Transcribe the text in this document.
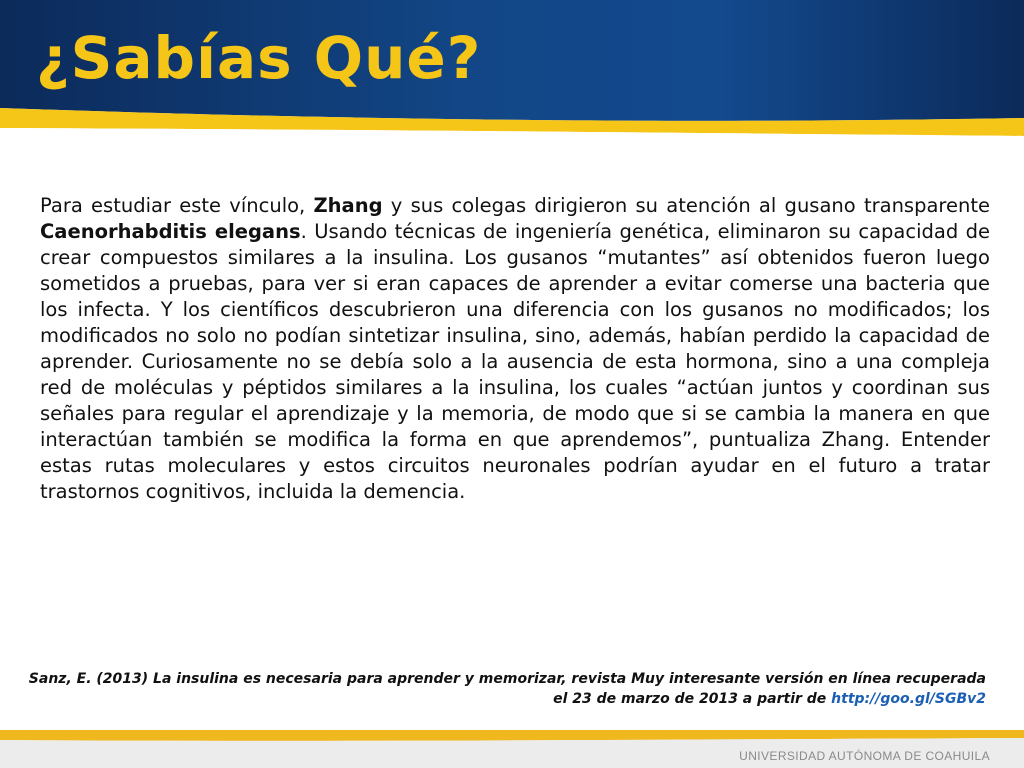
¿Sabías Qué?

Para estudiar este vínculo, Zhang y sus colegas dirigieron su atención al gusano transparente Caenorhabditis elegans. Usando técnicas de ingeniería genética, eliminaron su capacidad de crear compuestos similares a la insulina. Los gusanos “mutantes” así obtenidos fueron luego sometidos a pruebas, para ver si eran capaces de aprender a evitar comerse una bacteria que los infecta. Y los científicos descubrieron una diferencia con los gusanos no modificados; los modificados no solo no podían sintetizar insulina, sino, además, habían perdido la capacidad de aprender. Curiosamente no se debía solo a la ausencia de esta hormona, sino a una compleja red de moléculas y péptidos similares a la insulina, los cuales “actúan juntos y coordinan sus señales para regular el aprendizaje y la memoria, de modo que si se cambia la manera en que interactúan también se modifica la forma en que aprendemos”, puntualiza Zhang. Entender estas rutas moleculares y estos circuitos neuronales podrían ayudar en el futuro a tratar trastornos cognitivos, incluida la demencia.

Sanz, E. (2013) La insulina es necesaria para aprender y memorizar, revista Muy interesante versión en línea recuperada el 23 de marzo de 2013 a partir de http://goo.gl/SGBv2

UNIVERSIDAD AUTÓNOMA DE COAHUILA
